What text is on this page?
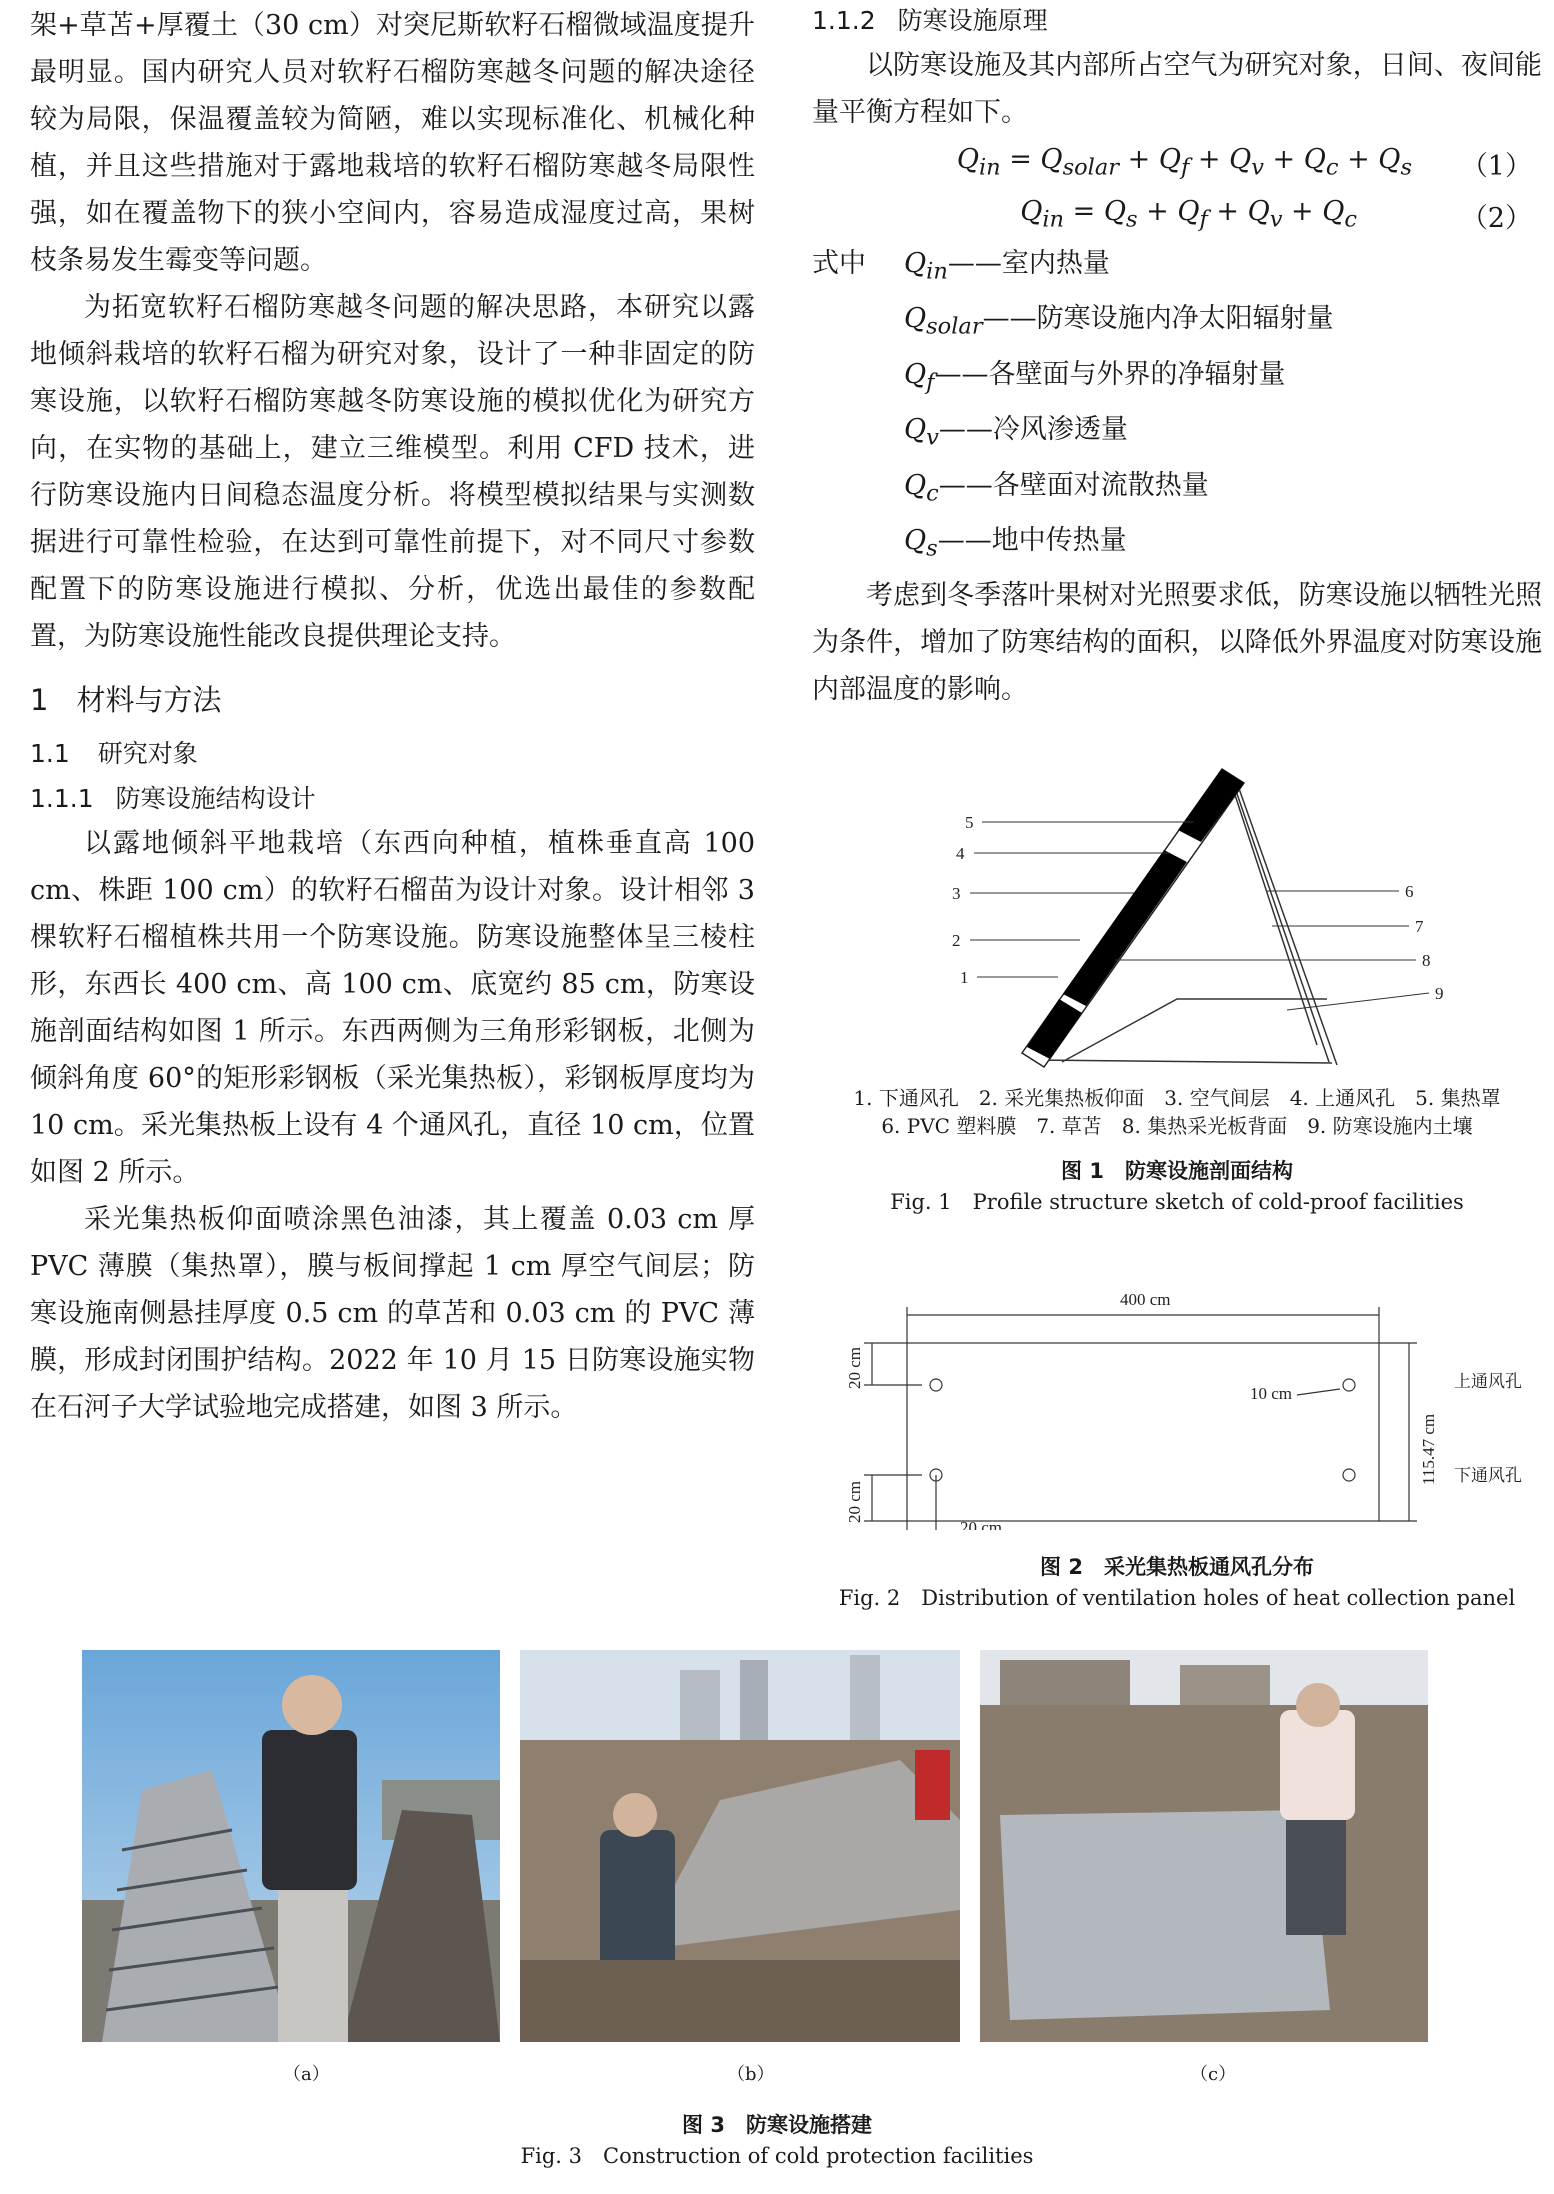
架+草苫+厚覆土（30 cm）对突尼斯软籽石榴微域温度提升最明显。国内研究人员对软籽石榴防寒越冬问题的解决途径较为局限，保温覆盖较为简陋，难以实现标准化、机械化种植，并且这些措施对于露地栽培的软籽石榴防寒越冬局限性强，如在覆盖物下的狭小空间内，容易造成湿度过高，果树枝条易发生霉变等问题。

为拓宽软籽石榴防寒越冬问题的解决思路，本研究以露地倾斜栽培的软籽石榴为研究对象，设计了一种非固定的防寒设施，以软籽石榴防寒越冬防寒设施的模拟优化为研究方向，在实物的基础上，建立三维模型。利用 CFD 技术，进行防寒设施内日间稳态温度分析。将模型模拟结果与实测数据进行可靠性检验，在达到可靠性前提下，对不同尺寸参数配置下的防寒设施进行模拟、分析，优选出最佳的参数配置，为防寒设施性能改良提供理论支持。

1 材料与方法
1.1 研究对象
1.1.1 防寒设施结构设计

以露地倾斜平地栽培（东西向种植，植株垂直高 100 cm、株距 100 cm）的软籽石榴苗为设计对象。设计相邻 3 棵软籽石榴植株共用一个防寒设施。防寒设施整体呈三棱柱形，东西长 400 cm、高 100 cm、底宽约 85 cm，防寒设施剖面结构如图 1 所示。东西两侧为三角形彩钢板，北侧为倾斜角度 60°的矩形彩钢板（采光集热板），彩钢板厚度均为 10 cm。采光集热板上设有 4 个通风孔，直径 10 cm，位置如图 2 所示。

采光集热板仰面喷涂黑色油漆，其上覆盖 0.03 cm 厚 PVC 薄膜（集热罩），膜与板间撑起 1 cm 厚空气间层；防寒设施南侧悬挂厚度 0.5 cm 的草苫和 0.03 cm 的 PVC 薄膜，形成封闭围护结构。2022 年 10 月 15 日防寒设施实物在石河子大学试验地完成搭建，如图 3 所示。

1.1.2 防寒设施原理

以防寒设施及其内部所占空气为研究对象，日间、夜间能量平衡方程如下。

$Q_{in} = Q_{solar} + Q_f + Q_v + Q_c + Q_s$ （1）
$Q_{in} = Q_s + Q_f + Q_v + Q_c$	（2）
式中 $Q_{in}——$室内热量
$Q_{solar}——$防寒设施内净太阳辐射量
$Q_f——$各壁面与外界的净辐射量
$Q_v——$冷风渗透量
$Q_c——$各壁面对流散热量
$Q_s——$地中传热量

考虑到冬季落叶果树对光照要求低，防寒设施以牺牲光照为条件，增加了防寒结构的面积，以降低外界温度对防寒设施内部温度的影响。

1
2
3
4
5
6
7
8
9

1. 下通风孔　2. 采光集热板仰面　3. 空气间层　4. 上通风孔　5. 集热罩

6. PVC 塑料膜　7. 草苫　8. 集热采光板背面　9. 防寒设施内土壤

图 1　防寒设施剖面结构

Fig. 1　Profile structure sketch of cold-proof facilities

400 cm
10 cm
20 cm
115.47 cm
20 cm
20 cm
上通风孔
下通风孔

图 2　采光集热板通风孔分布

Fig. 2　Distribution of ventilation holes of heat collection panel

（a）	（b）	（c）

图 3　防寒设施搭建

Fig. 3　Construction of cold protection facilities
